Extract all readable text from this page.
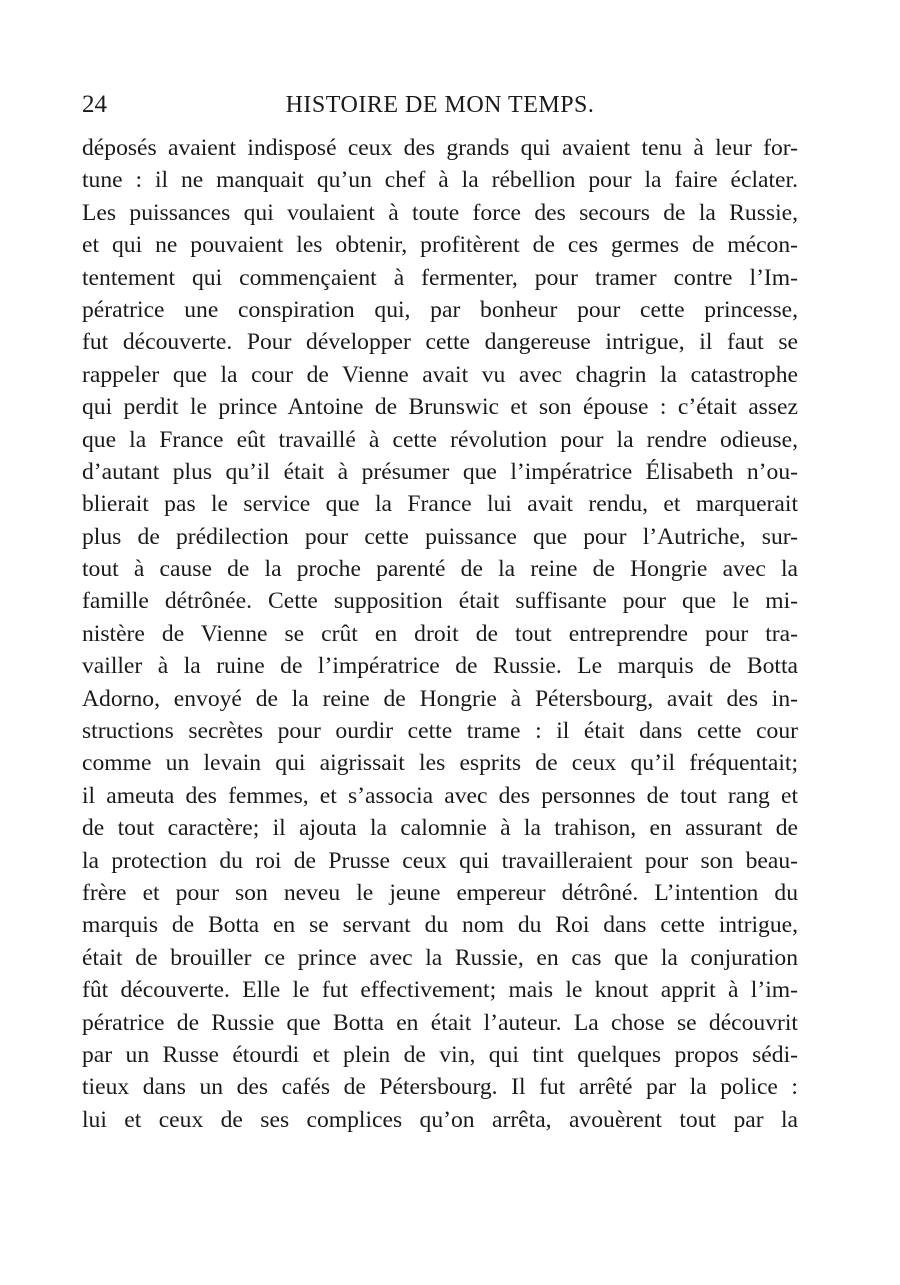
24	HISTOIRE DE MON TEMPS.
déposés avaient indisposé ceux des grands qui avaient tenu à leur for-
tune : il ne manquait qu’un chef à la rébellion pour la faire éclater.
Les puissances qui voulaient à toute force des secours de la Russie,
et qui ne pouvaient les obtenir, profitèrent de ces germes de mécon-
tentement qui commençaient à fermenter, pour tramer contre l’Im-
pératrice une conspiration qui, par bonheur pour cette princesse,
fut découverte. Pour développer cette dangereuse intrigue, il faut se
rappeler que la cour de Vienne avait vu avec chagrin la catastrophe
qui perdit le prince Antoine de Brunswic et son épouse : c’était assez
que la France eût travaillé à cette révolution pour la rendre odieuse,
d’autant plus qu’il était à présumer que l’impératrice Élisabeth n’ou-
blierait pas le service que la France lui avait rendu, et marquerait
plus de prédilection pour cette puissance que pour l’Autriche, sur-
tout à cause de la proche parenté de la reine de Hongrie avec la
famille détrônée. Cette supposition était suffisante pour que le mi-
nistère de Vienne se crût en droit de tout entreprendre pour tra-
vailler à la ruine de l’impératrice de Russie. Le marquis de Botta
Adorno, envoyé de la reine de Hongrie à Pétersbourg, avait des in-
structions secrètes pour ourdir cette trame : il était dans cette cour
comme un levain qui aigrissait les esprits de ceux qu’il fréquentait;
il ameuta des femmes, et s’associa avec des personnes de tout rang et
de tout caractère; il ajouta la calomnie à la trahison, en assurant de
la protection du roi de Prusse ceux qui travailleraient pour son beau-
frère et pour son neveu le jeune empereur détrôné. L’intention du
marquis de Botta en se servant du nom du Roi dans cette intrigue,
était de brouiller ce prince avec la Russie, en cas que la conjuration
fût découverte. Elle le fut effectivement; mais le knout apprit à l’im-
pératrice de Russie que Botta en était l’auteur. La chose se découvrit
par un Russe étourdi et plein de vin, qui tint quelques propos sédi-
tieux dans un des cafés de Pétersbourg. Il fut arrêté par la police :
lui et ceux de ses complices qu’on arrêta, avouèrent tout par la
